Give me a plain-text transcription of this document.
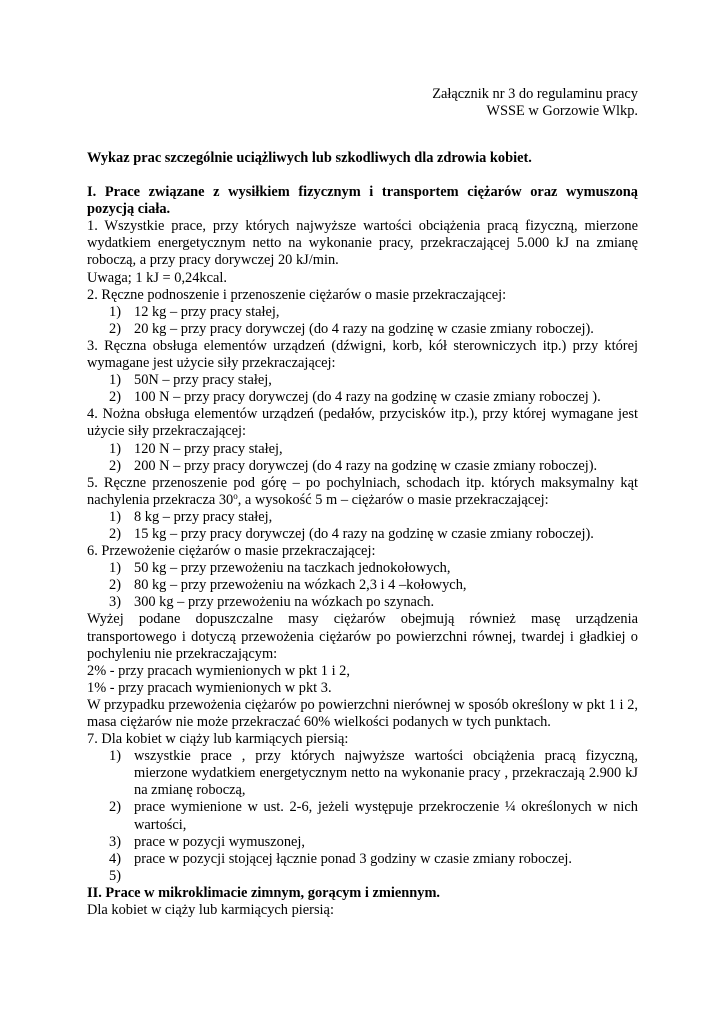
Załącznik nr 3 do regulaminu pracy

WSSE w Gorzowie Wlkp.

Wykaz prac szczególnie uciążliwych lub szkodliwych dla zdrowia kobiet.

I. Prace związane z wysiłkiem fizycznym i transportem ciężarów oraz wymuszoną pozycją ciała.

1. Wszystkie prace, przy których najwyższe wartości obciążenia pracą fizyczną, mierzone wydatkiem energetycznym netto na wykonanie pracy, przekraczającej 5.000 kJ na zmianę roboczą, a przy pracy dorywczej 20 kJ/min.

Uwaga; 1 kJ = 0,24kcal.

2. Ręczne podnoszenie i przenoszenie ciężarów o masie przekraczającej:

1) 12 kg – przy pracy stałej,
2) 20 kg – przy pracy dorywczej (do 4 razy na godzinę w czasie zmiany roboczej).

3. Ręczna obsługa elementów urządzeń (dźwigni, korb, kół sterowniczych itp.) przy której wymagane jest użycie siły przekraczającej:

1) 50N – przy pracy stałej,
2) 100 N – przy pracy dorywczej (do 4 razy na godzinę w czasie zmiany roboczej ).

4. Nożna obsługa elementów urządzeń (pedałów, przycisków itp.), przy której wymagane jest użycie siły przekraczającej:

1) 120 N – przy pracy stałej,
2) 200 N – przy pracy dorywczej (do 4 razy na godzinę w czasie zmiany roboczej).

5. Ręczne przenoszenie pod górę – po pochylniach, schodach itp. których maksymalny kąt nachylenia przekracza 30$^o$, a wysokość 5 m – ciężarów o masie przekraczającej:

1) 8 kg – przy pracy stałej,
2) 15 kg – przy pracy dorywczej (do 4 razy na godzinę w czasie zmiany roboczej).

6. Przewożenie ciężarów o masie przekraczającej:

1) 50 kg – przy przewożeniu na taczkach jednokołowych,
2) 80 kg – przy przewożeniu na wózkach 2,3 i 4 –kołowych,
3) 300 kg – przy przewożeniu na wózkach po szynach.

Wyżej podane dopuszczalne masy ciężarów obejmują również masę urządzenia transportowego i dotyczą przewożenia ciężarów po powierzchni równej, twardej i gładkiej o pochyleniu nie przekraczającym:

2% - przy pracach wymienionych w pkt 1 i 2,

1% - przy pracach wymienionych w pkt 3.

W przypadku przewożenia ciężarów po powierzchni nierównej w sposób określony w pkt 1 i 2, masa ciężarów nie może przekraczać 60% wielkości podanych w tych punktach.

7. Dla kobiet w ciąży lub karmiących piersią:

1) wszystkie prace , przy których najwyższe wartości obciążenia pracą fizyczną, mierzone wydatkiem energetycznym netto na wykonanie pracy , przekraczają 2.900 kJ na zmianę roboczą,
2) prace wymienione w ust. 2-6, jeżeli występuje przekroczenie ¼ określonych w nich wartości,
3) prace w pozycji wymuszonej,
4) prace w pozycji stojącej łącznie ponad 3 godziny w czasie zmiany roboczej.
5)

II. Prace w mikroklimacie zimnym, gorącym i zmiennym.

Dla kobiet w ciąży lub karmiących piersią:
